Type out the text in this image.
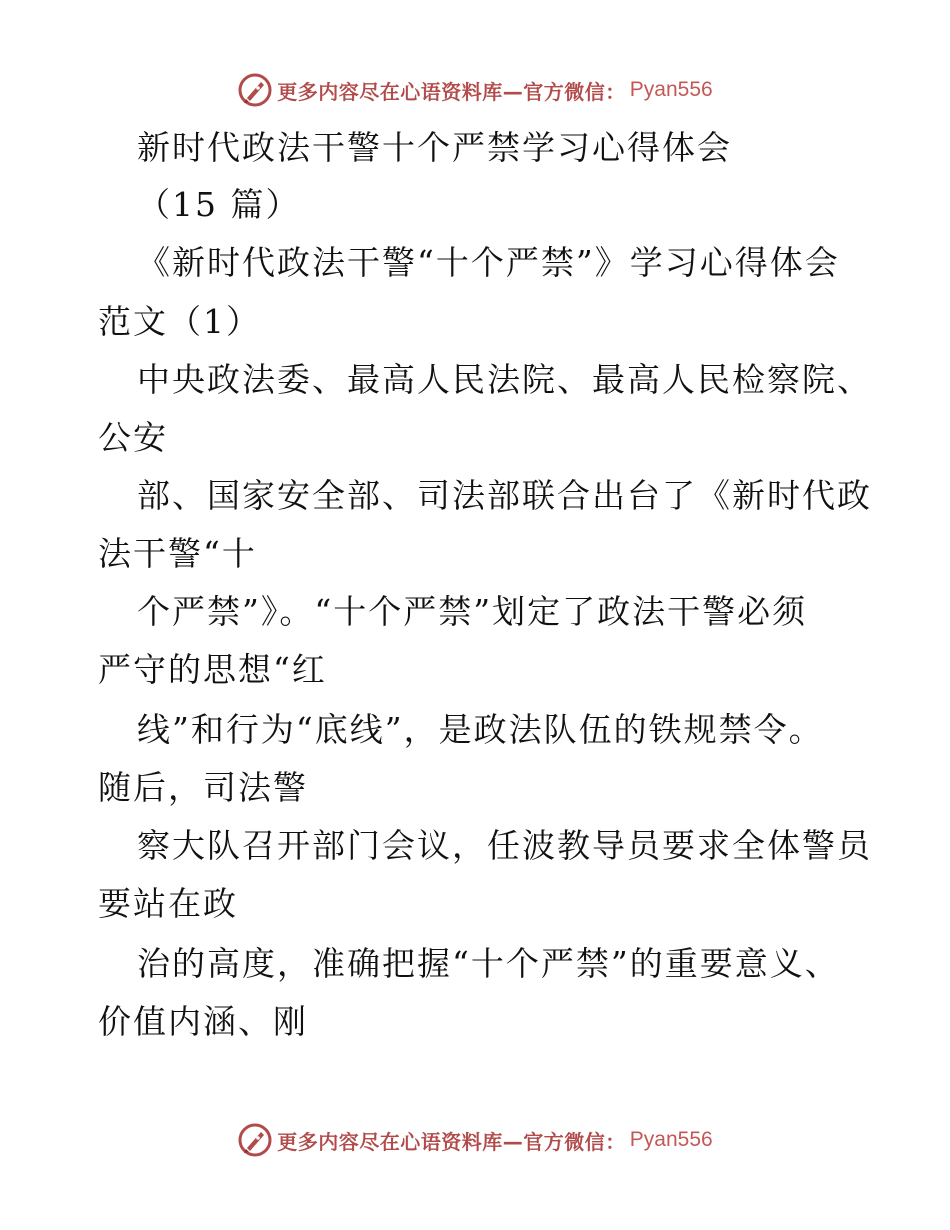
更多内容尽在心语资料库—官方微信： Pyan556
新时代政法干警十个严禁学习心得体会
（15 篇）
《新时代政法干警“十个严禁”》学习心得体会
范文（1）
中央政法委、最高人民法院、最高人民检察院、
公安
部、国家安全部、司法部联合出台了《新时代政
法干警“十
个严禁”》。“十个严禁”划定了政法干警必须
严守的思想“红
线”和行为“底线”，是政法队伍的铁规禁令。
随后，司法警
察大队召开部门会议，任波教导员要求全体警员
要站在政
治的高度，准确把握“十个严禁”的重要意义、
价值内涵、刚
更多内容尽在心语资料库—官方微信： Pyan556
